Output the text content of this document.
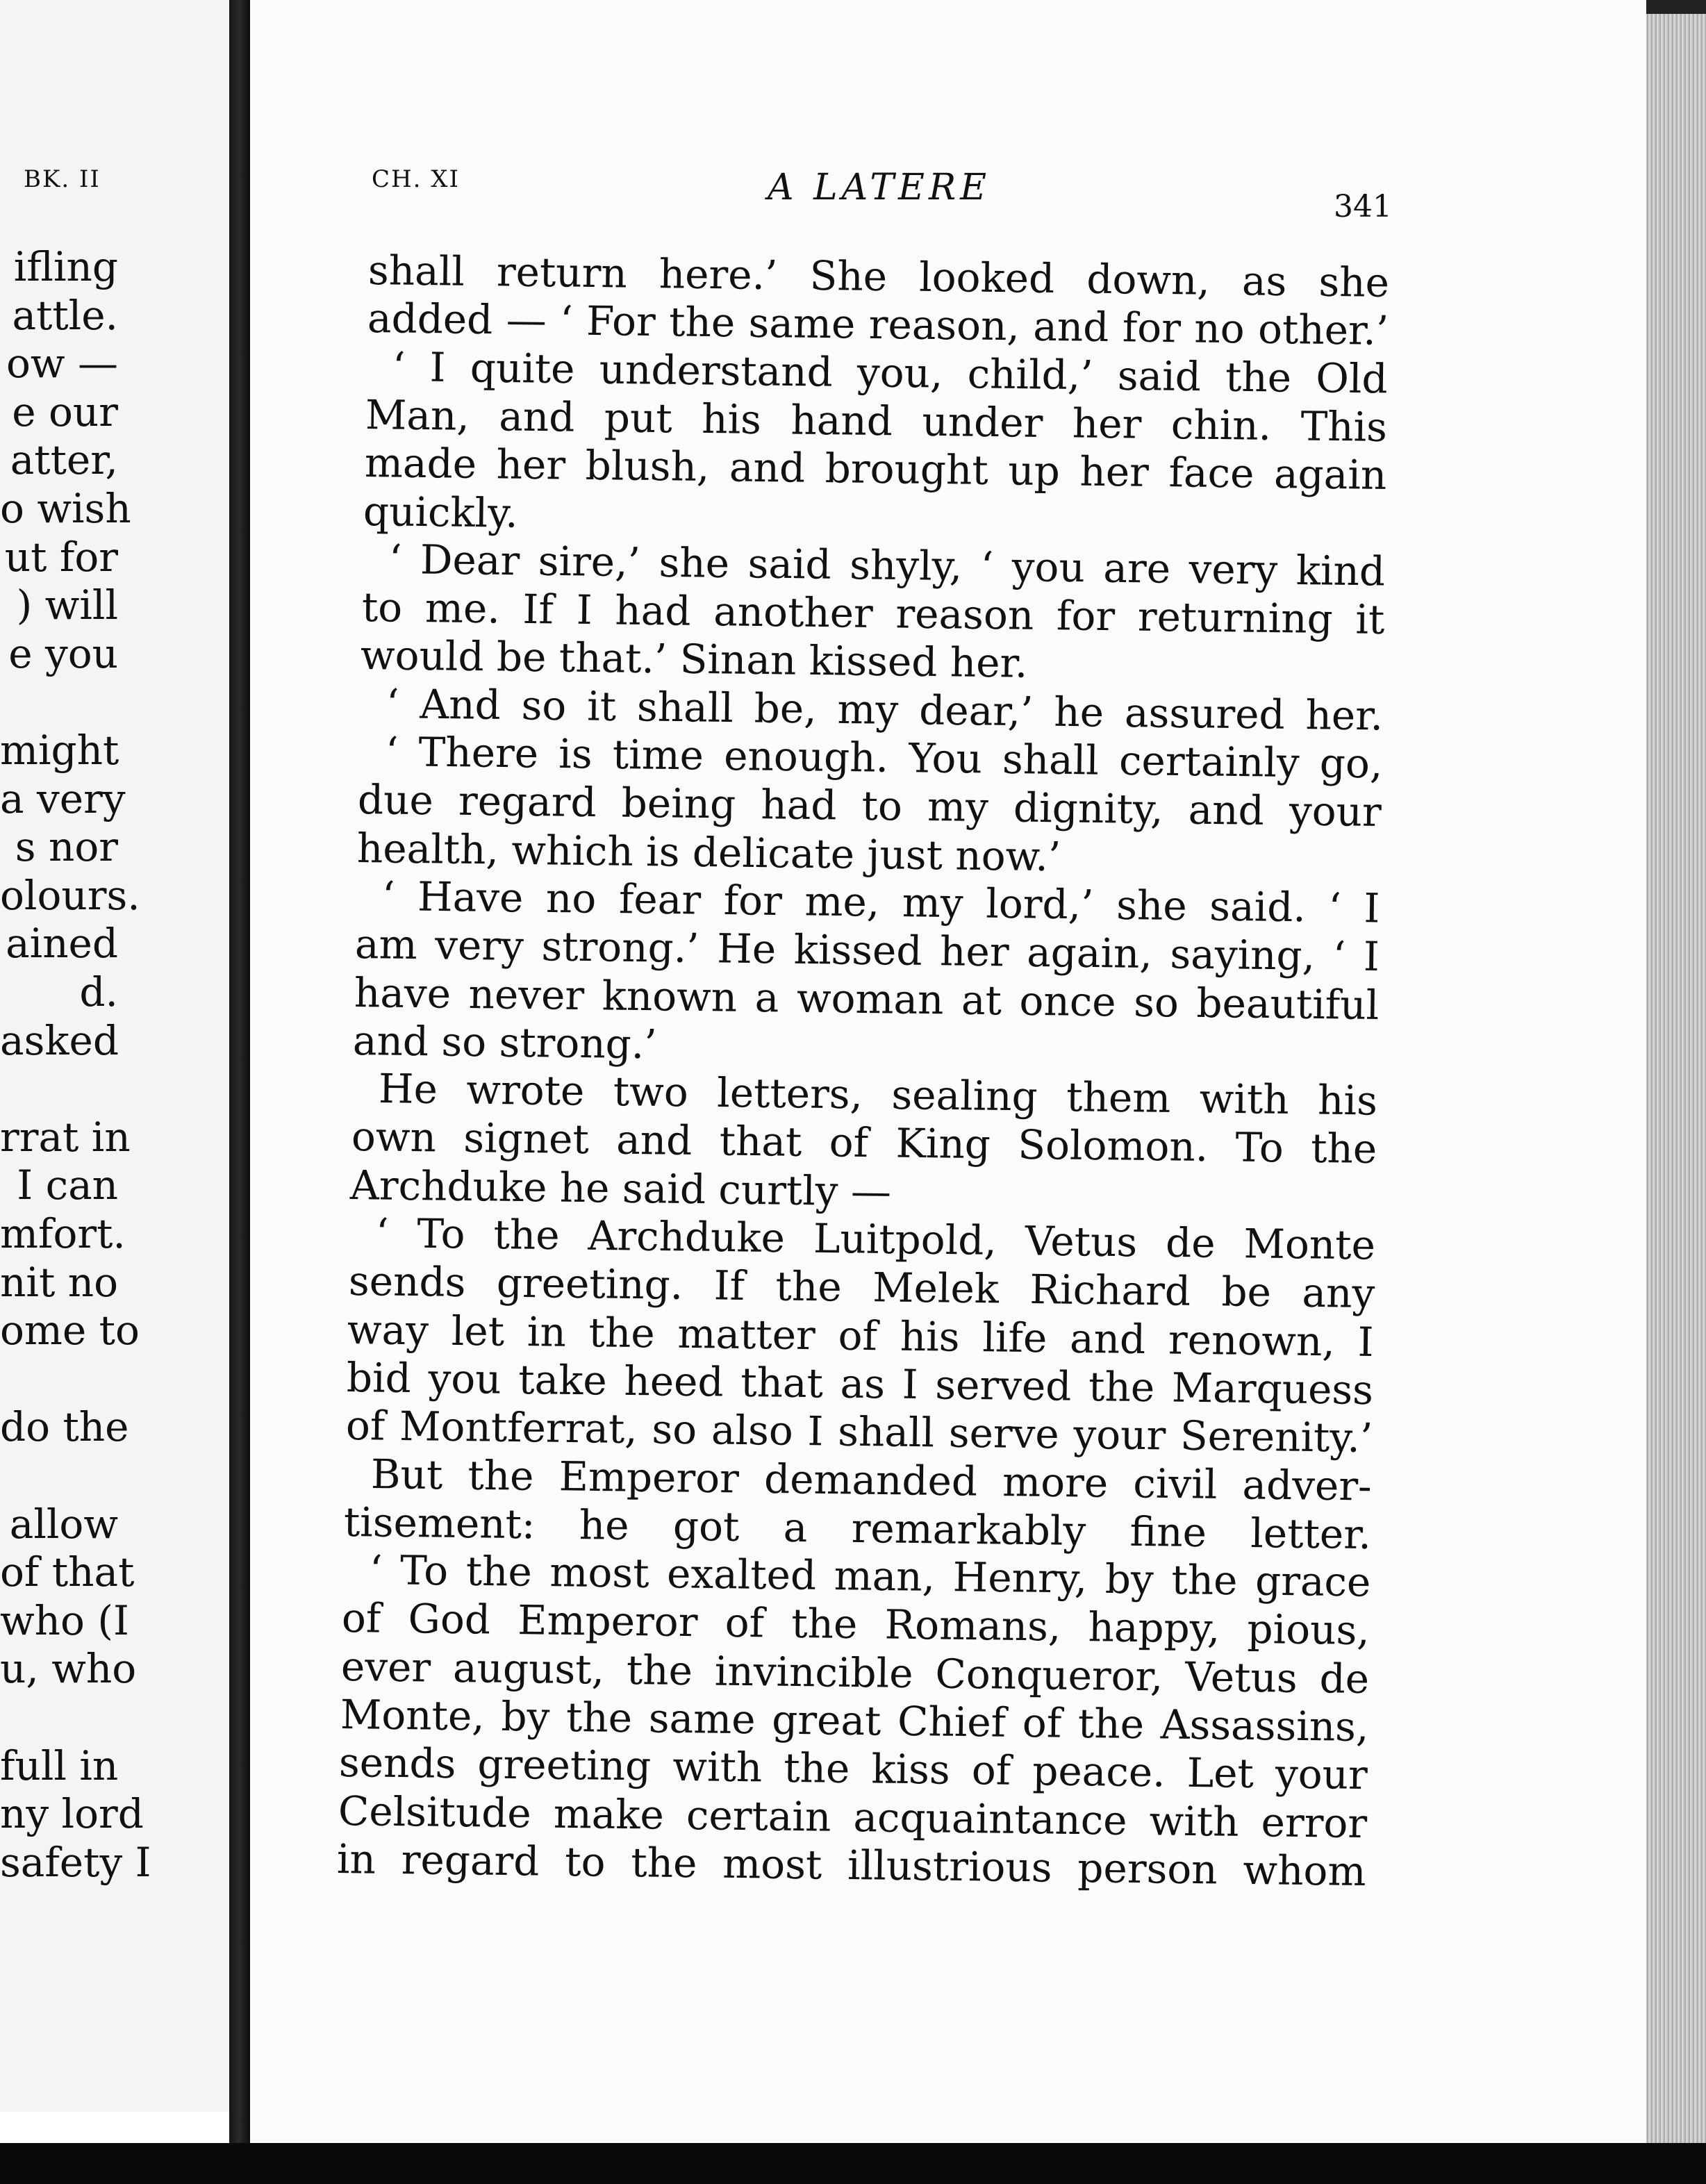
BK. II
ifling
attle.
ow —
e our
atter,
o wish
ut for
) will
e you
might
a very
s nor
olours.
ained
d.
asked
rrat in
I can
mfort.
nit no
ome to
do the
allow
of that
who (I
u, who
full in
ny lord
safety I
CH. XI	A LATERE	341
shall return here.’ She looked down, as she
added — ‘ For the same reason, and for no other.’
‘ I quite understand you, child,’ said the Old
Man, and put his hand under her chin. This
made her blush, and brought up her face again
quickly.
‘ Dear sire,’ she said shyly, ‘ you are very kind
to me. If I had another reason for returning it
would be that.’ Sinan kissed her.
‘ And so it shall be, my dear,’ he assured her.
‘ There is time enough. You shall certainly go,
due regard being had to my dignity, and your
health, which is delicate just now.’
‘ Have no fear for me, my lord,’ she said. ‘ I
am very strong.’ He kissed her again, saying, ‘ I
have never known a woman at once so beautiful
and so strong.’
He wrote two letters, sealing them with his
own signet and that of King Solomon. To the
Archduke he said curtly —
‘ To the Archduke Luitpold, Vetus de Monte
sends greeting. If the Melek Richard be any
way let in the matter of his life and renown, I
bid you take heed that as I served the Marquess
of Montferrat, so also I shall serve your Serenity.’
But the Emperor demanded more civil adver-
tisement: he got a remarkably fine letter.
‘ To the most exalted man, Henry, by the grace
of God Emperor of the Romans, happy, pious,
ever august, the invincible Conqueror, Vetus de
Monte, by the same great Chief of the Assassins,
sends greeting with the kiss of peace. Let your
Celsitude make certain acquaintance with error
in regard to the most illustrious person whom
